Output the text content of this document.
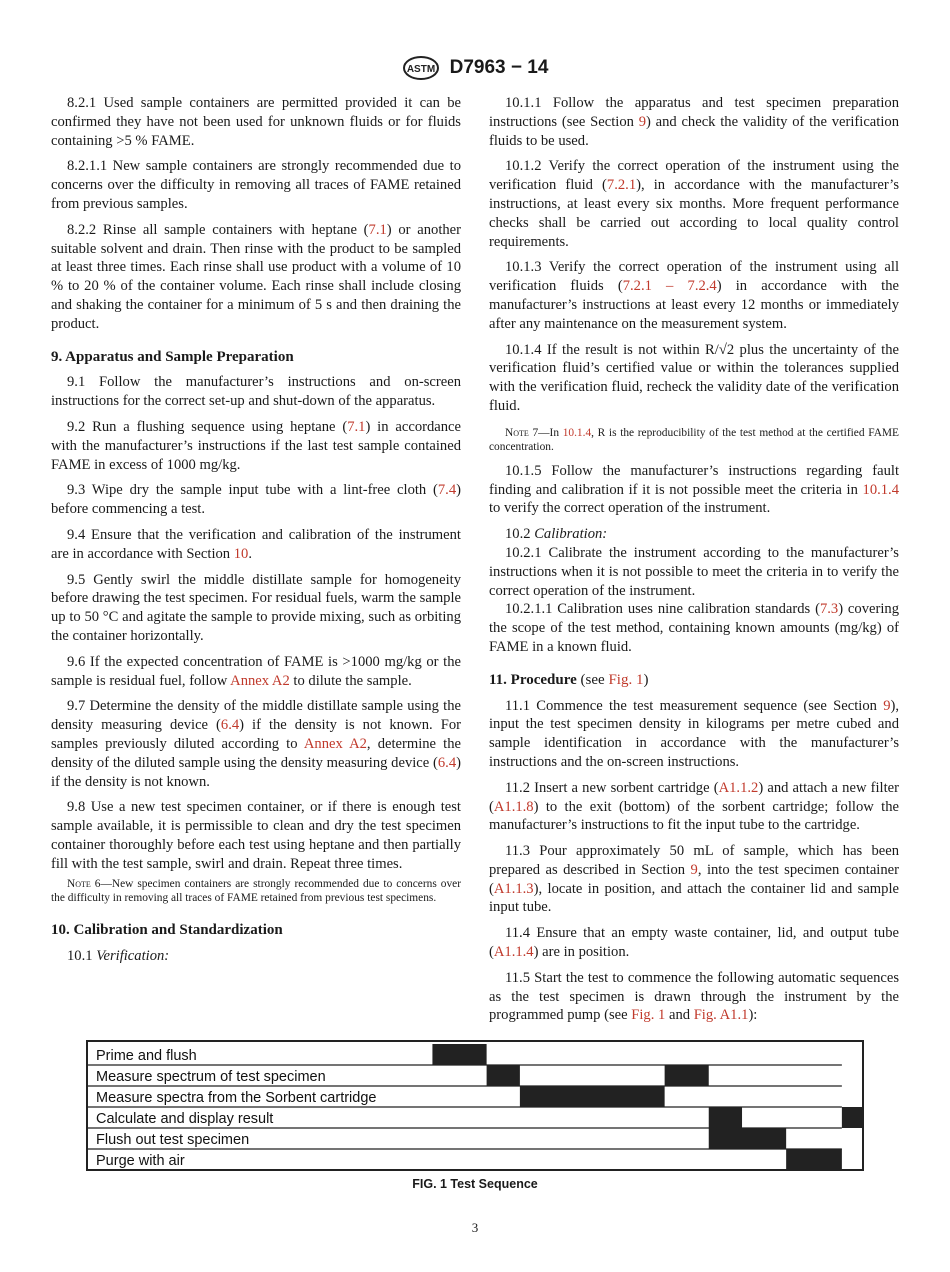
ASTM D7963 − 14

8.2.1 Used sample containers are permitted provided it can be confirmed they have not been used for unknown fluids or for fluids containing >5 % FAME.

8.2.1.1 New sample containers are strongly recommended due to concerns over the difficulty in removing all traces of FAME retained from previous samples.

8.2.2 Rinse all sample containers with heptane (7.1) or another suitable solvent and drain. Then rinse with the product to be sampled at least three times. Each rinse shall use product with a volume of 10 % to 20 % of the container volume. Each rinse shall include closing and shaking the container for a minimum of 5 s and then draining the product.

9. Apparatus and Sample Preparation

9.1 Follow the manufacturer’s instructions and on-screen instructions for the correct set-up and shut-down of the apparatus.

9.2 Run a flushing sequence using heptane (7.1) in accordance with the manufacturer’s instructions if the last test sample contained FAME in excess of 1000 mg/kg.

9.3 Wipe dry the sample input tube with a lint-free cloth (7.4) before commencing a test.

9.4 Ensure that the verification and calibration of the instrument are in accordance with Section 10.

9.5 Gently swirl the middle distillate sample for homogeneity before drawing the test specimen. For residual fuels, warm the sample up to 50 °C and agitate the sample to provide mixing, such as orbiting the container horizontally.

9.6 If the expected concentration of FAME is >1000 mg/kg or the sample is residual fuel, follow Annex A2 to dilute the sample.

9.7 Determine the density of the middle distillate sample using the density measuring device (6.4) if the density is not known. For samples previously diluted according to Annex A2, determine the density of the diluted sample using the density measuring device (6.4) if the density is not known.

9.8 Use a new test specimen container, or if there is enough test sample available, it is permissible to clean and dry the test specimen container thoroughly before each test using heptane and then partially fill with the test sample, swirl and drain. Repeat three times.

Note 6—New specimen containers are strongly recommended due to concerns over the difficulty in removing all traces of FAME retained from previous test specimens.

10. Calibration and Standardization

10.1 Verification:

10.1.1 Follow the apparatus and test specimen preparation instructions (see Section 9) and check the validity of the verification fluids to be used.

10.1.2 Verify the correct operation of the instrument using the verification fluid (7.2.1), in accordance with the manufacturer’s instructions, at least every six months. More frequent performance checks shall be carried out according to local quality control requirements.

10.1.3 Verify the correct operation of the instrument using all verification fluids (7.2.1 – 7.2.4) in accordance with the manufacturer’s instructions at least every 12 months or immediately after any maintenance on the measurement system.

10.1.4 If the result is not within R/√2 plus the uncertainty of the verification fluid’s certified value or within the tolerances supplied with the verification fluid, recheck the validity date of the verification fluid.

Note 7—In 10.1.4, R is the reproducibility of the test method at the certified FAME concentration.

10.1.5 Follow the manufacturer’s instructions regarding fault finding and calibration if it is not possible meet the criteria in 10.1.4 to verify the correct operation of the instrument.

10.2 Calibration:

10.2.1 Calibrate the instrument according to the manufacturer’s instructions when it is not possible to meet the criteria in to verify the correct operation of the instrument.

10.2.1.1 Calibration uses nine calibration standards (7.3) covering the scope of the test method, containing known amounts (mg/kg) of FAME in a known fluid.

11. Procedure (see Fig. 1)

11.1 Commence the test measurement sequence (see Section 9), input the test specimen density in kilograms per metre cubed and sample identification in accordance with the manufacturer’s instructions and the on-screen instructions.

11.2 Insert a new sorbent cartridge (A1.1.2) and attach a new filter (A1.1.8) to the exit (bottom) of the sorbent cartridge; follow the manufacturer’s instructions to fit the input tube to the cartridge.

11.3 Pour approximately 50 mL of sample, which has been prepared as described in Section 9, into the test specimen container (A1.1.3), locate in position, and attach the container lid and sample input tube.

11.4 Ensure that an empty waste container, lid, and output tube (A1.1.4) are in position.

11.5 Start the test to commence the following automatic sequences as the test specimen is drawn through the instrument by the programmed pump (see Fig. 1 and Fig. A1.1):

Prime and flush
Measure spectrum of test specimen
Measure spectra from the Sorbent cartridge
Calculate and display result
Flush out test specimen
Purge with air
FIG. 1 Test Sequence
3
